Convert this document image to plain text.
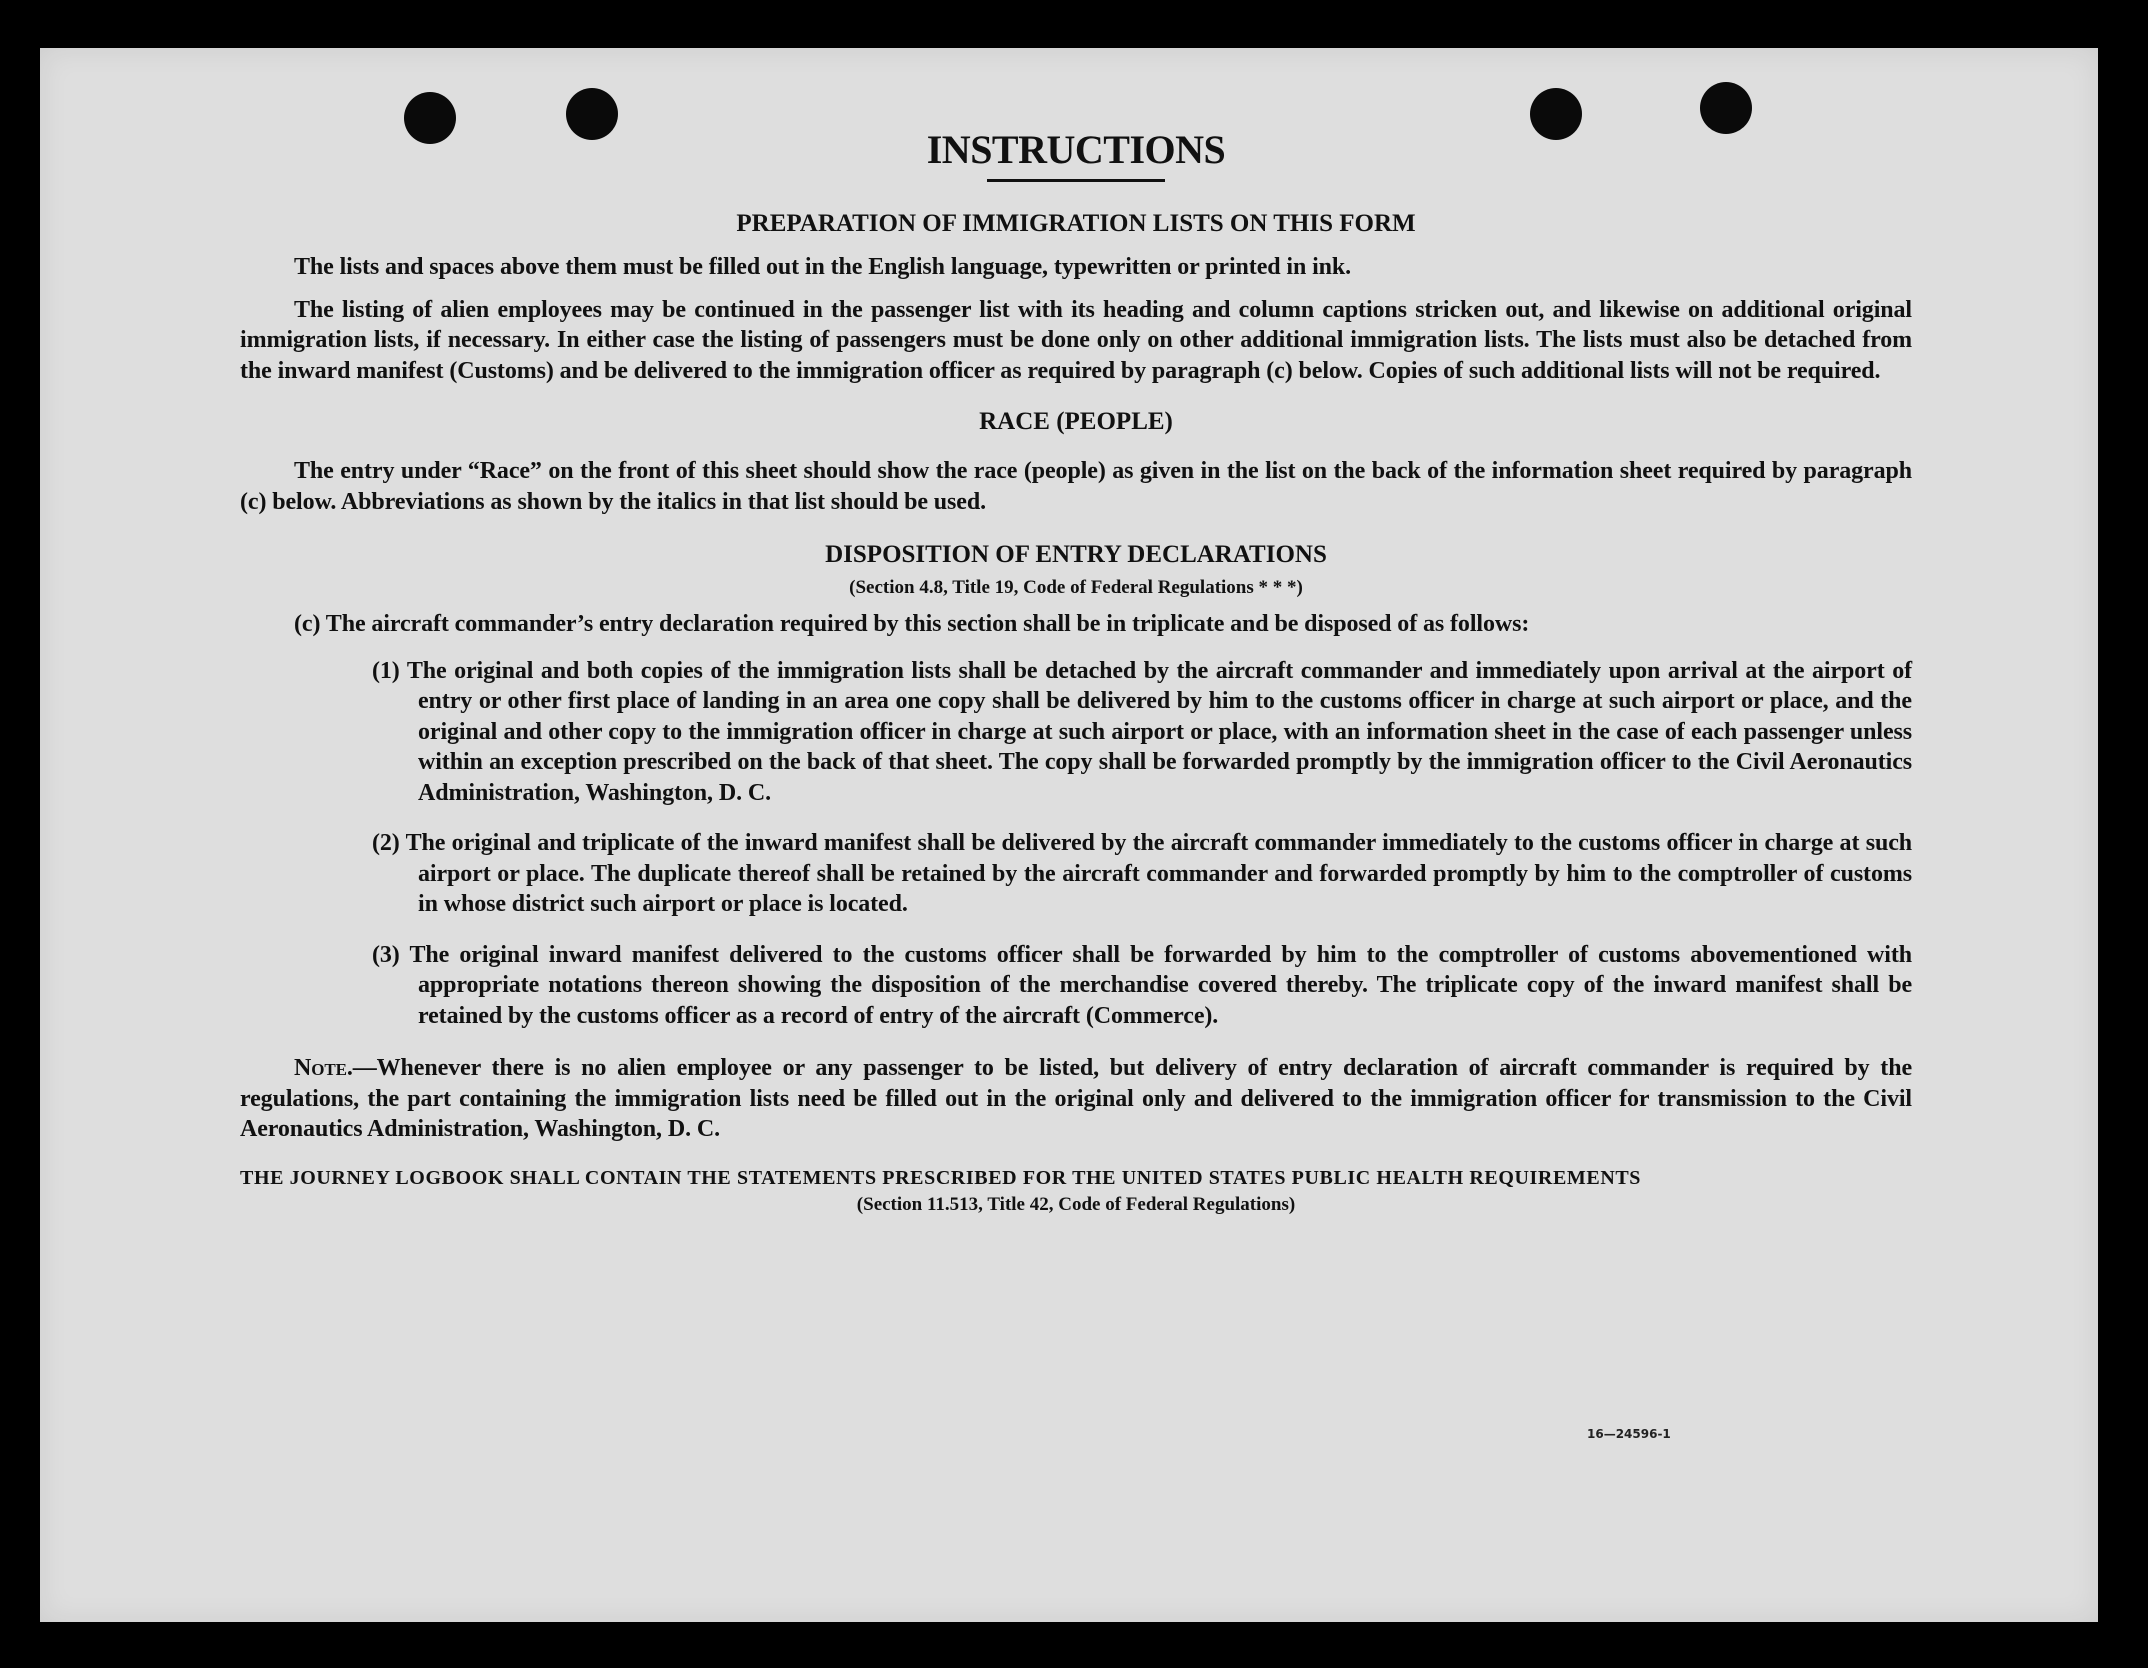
INSTRUCTIONS
PREPARATION OF IMMIGRATION LISTS ON THIS FORM

The lists and spaces above them must be filled out in the English language, typewritten or printed in ink.

The listing of alien employees may be continued in the passenger list with its heading and column captions stricken out, and likewise on additional original immigration lists, if necessary. In either case the listing of passengers must be done only on other additional immigration lists. The lists must also be detached from the inward manifest (Customs) and be delivered to the immigration officer as required by paragraph (c) below. Copies of such additional lists will not be required.

RACE (PEOPLE)

The entry under “Race” on the front of this sheet should show the race (people) as given in the list on the back of the information sheet required by paragraph (c) below. Abbreviations as shown by the italics in that list should be used.

DISPOSITION OF ENTRY DECLARATIONS

(Section 4.8, Title 19, Code of Federal Regulations * * *)

(c) The aircraft commander’s entry declaration required by this section shall be in triplicate and be disposed of as follows:

(1) The original and both copies of the immigration lists shall be detached by the aircraft commander and immediately upon arrival at the airport of entry or other first place of landing in an area one copy shall be delivered by him to the customs officer in charge at such airport or place, and the original and other copy to the immigration officer in charge at such airport or place, with an information sheet in the case of each passenger unless within an exception prescribed on the back of that sheet. The copy shall be forwarded promptly by the immigration officer to the Civil Aeronautics Administration, Washington, D. C.

(2) The original and triplicate of the inward manifest shall be delivered by the aircraft commander immediately to the customs officer in charge at such airport or place. The duplicate thereof shall be retained by the aircraft commander and forwarded promptly by him to the comptroller of customs in whose district such airport or place is located.

(3) The original inward manifest delivered to the customs officer shall be forwarded by him to the comptroller of customs abovementioned with appropriate notations thereon showing the disposition of the merchandise covered thereby. The triplicate copy of the inward manifest shall be retained by the customs officer as a record of entry of the aircraft (Commerce).

Note.—Whenever there is no alien employee or any passenger to be listed, but delivery of entry declaration of aircraft commander is required by the regulations, the part containing the immigration lists need be filled out in the original only and delivered to the immigration officer for transmission to the Civil Aeronautics Administration, Washington, D. C.

THE JOURNEY LOGBOOK SHALL CONTAIN THE STATEMENTS PRESCRIBED FOR THE UNITED STATES PUBLIC HEALTH REQUIREMENTS

(Section 11.513, Title 42, Code of Federal Regulations)

16—24596-1
